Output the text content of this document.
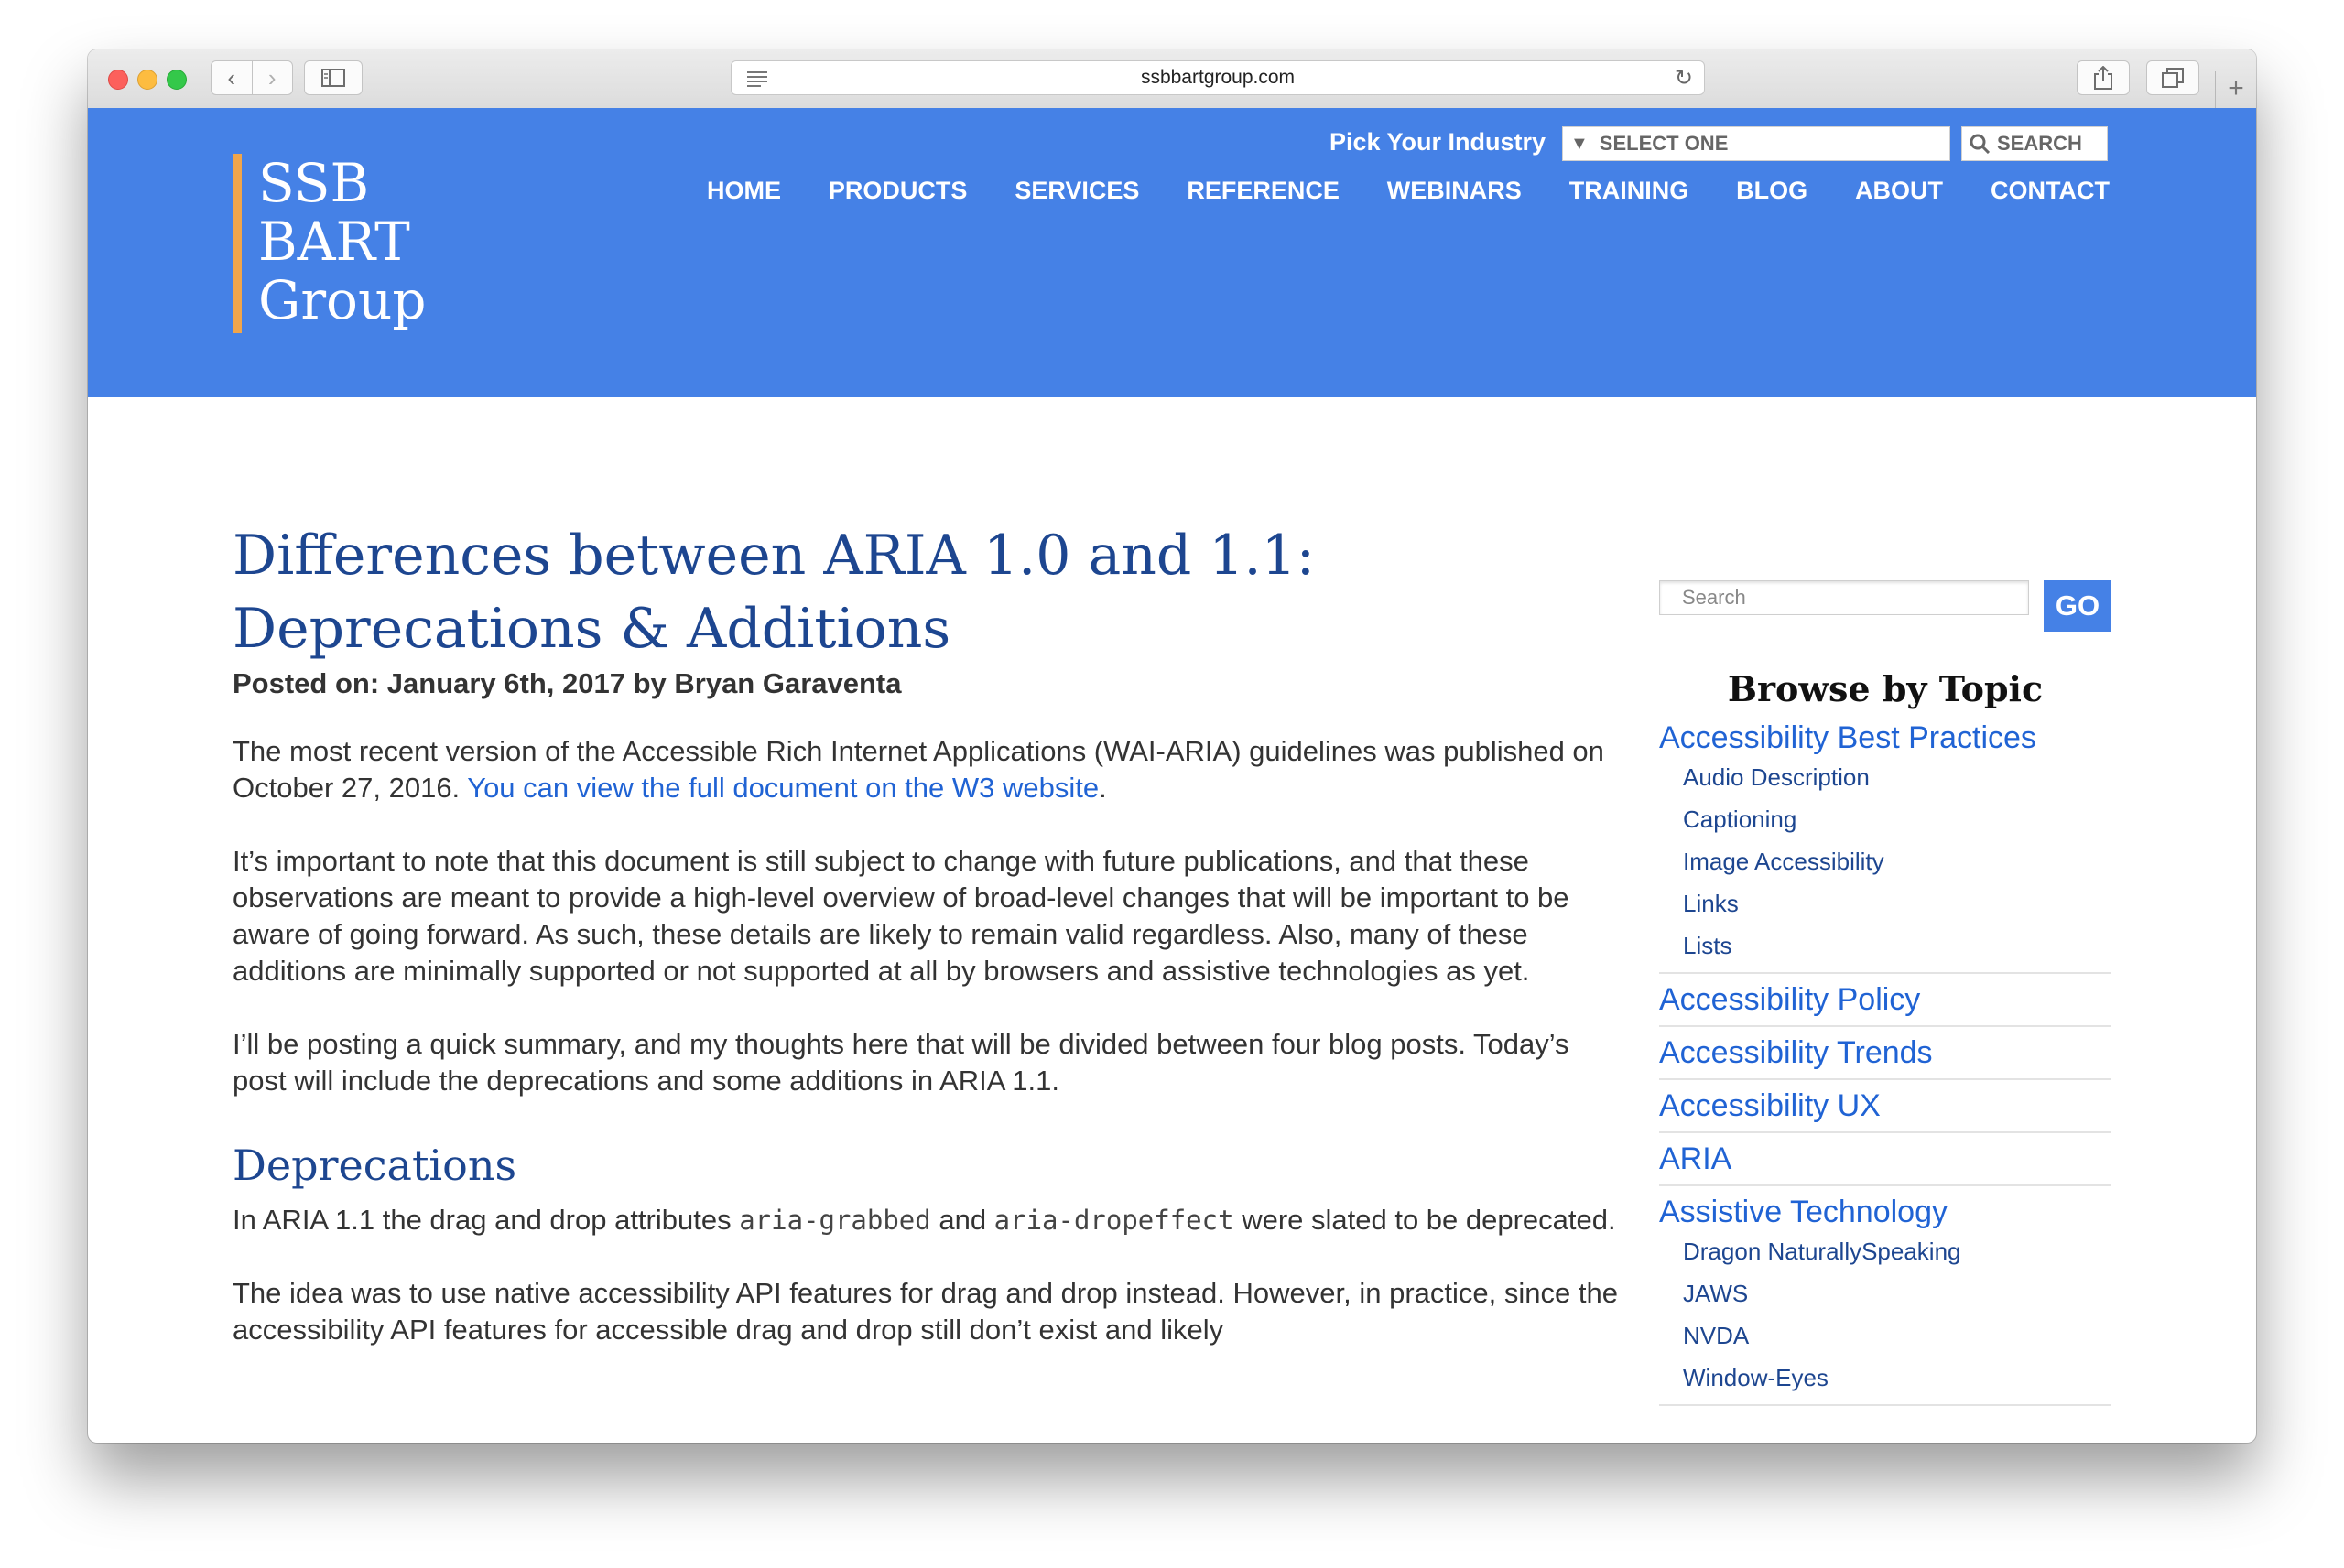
‹	›	ssbbartgroup.com	↻	+
SSB
BART
Group
Pick Your Industry ▼ SELECT ONE	SEARCH
HOME PRODUCTS SERVICES REFERENCE WEBINARS TRAINING BLOG ABOUT CONTACT
Differences between ARIA 1.0 and 1.1:
Deprecations & Additions

Posted on: January 6th, 2017 by Bryan Garaventa

The most recent version of the Accessible Rich Internet Applications (WAI-ARIA) guidelines was published on October 27, 2016. You can view the full document on the W3 website.

It’s important to note that this document is still subject to change with future publications, and that these observations are meant to provide a high-level overview of broad-level changes that will be important to be aware of going forward. As such, these details are likely to remain valid regardless. Also, many of these additions are minimally supported or not supported at all by browsers and assistive technologies as yet.

I’ll be posting a quick summary, and my thoughts here that will be divided between four blog posts. Today’s post will include the deprecations and some additions in ARIA 1.1.

Deprecations

In ARIA 1.1 the drag and drop attributes aria-grabbed and aria-dropeffect were slated to be deprecated.

The idea was to use native accessibility API features for drag and drop instead. However, in practice, since the accessibility API features for accessible drag and drop still don’t exist and likely

Search	GO
Browse by Topic
Accessibility Best Practices
Audio Description
Captioning
Image Accessibility
Links
Lists
Accessibility Policy
Accessibility Trends
Accessibility UX
ARIA
Assistive Technology
Dragon NaturallySpeaking
JAWS
NVDA
Window-Eyes
